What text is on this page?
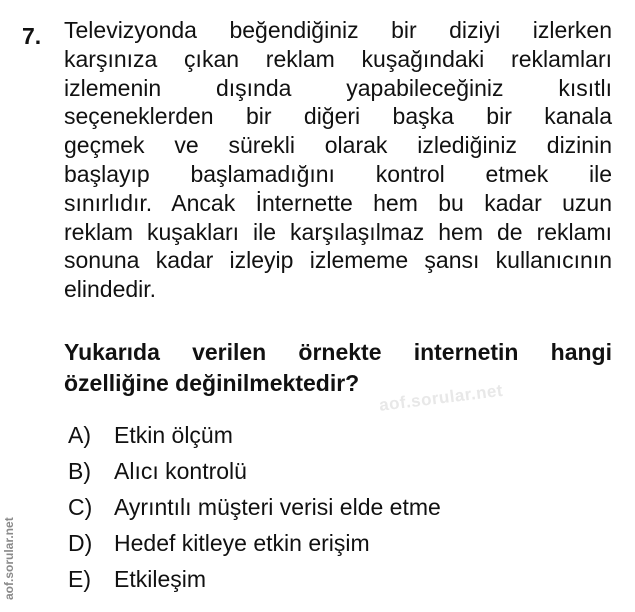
7. Televizyonda beğendiğiniz bir diziyi izlerken
karşınıza çıkan reklam kuşağındaki reklamları
izlemenin dışında yapabileceğiniz kısıtlı
seçeneklerden bir diğeri başka bir kanala
geçmek ve sürekli olarak izlediğiniz dizinin
başlayıp başlamadığını kontrol etmek ile
sınırlıdır. Ancak İnternette hem bu kadar uzun
reklam kuşakları ile karşılaşılmaz hem de reklamı
sonuna kadar izleyip izlememe şansı kullanıcının
elindedir.
Yukarıda verilen örnekte internetin hangi
özelliğine değinilmektedir?	aof.sorular.net
A)	Etkin ölçüm
B)	Alıcı kontrolü
C) Ayrıntılı müşteri verisi elde etme
D) Hedef kitleye etkin erişim
E)	Etkileşim
aof.sorular.net
